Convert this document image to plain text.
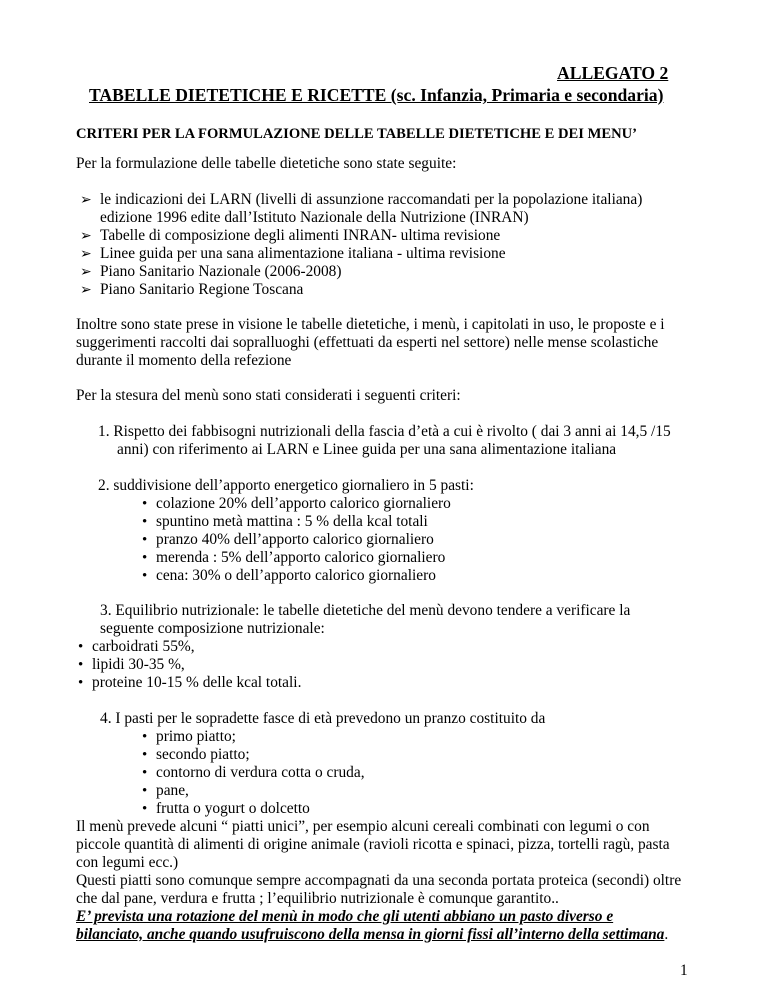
ALLEGATO 2
TABELLE DIETETICHE E RICETTE (sc. Infanzia, Primaria e secondaria)
CRITERI PER LA FORMULAZIONE DELLE TABELLE DIETETICHE E DEI MENU’
Per la formulazione delle tabelle dietetiche sono state seguite:
➢ le indicazioni dei LARN (livelli di assunzione raccomandati per la popolazione italiana)
edizione 1996 edite dall’Istituto Nazionale della Nutrizione (INRAN)
➢ Tabelle di composizione degli alimenti INRAN- ultima revisione
➢ Linee guida per una sana alimentazione italiana - ultima revisione
➢ Piano Sanitario Nazionale (2006-2008)
➢ Piano Sanitario Regione Toscana
Inoltre sono state prese in visione le tabelle dietetiche, i menù, i capitolati in uso, le proposte e i
suggerimenti raccolti dai sopralluoghi (effettuati da esperti nel settore) nelle mense scolastiche
durante il momento della refezione
Per la stesura del menù sono stati considerati i seguenti criteri:
1. Rispetto dei fabbisogni nutrizionali della fascia d’età a cui è rivolto ( dai 3 anni ai 14,5 /15
anni) con riferimento ai LARN e Linee guida per una sana alimentazione italiana
2. suddivisione dell’apporto energetico giornaliero in 5 pasti:
• colazione 20% dell’apporto calorico giornaliero
• spuntino metà mattina : 5 % della kcal totali
• pranzo 40% dell’apporto calorico giornaliero
• merenda : 5% dell’apporto calorico giornaliero
• cena: 30% o dell’apporto calorico giornaliero
3. Equilibrio nutrizionale: le tabelle dietetiche del menù devono tendere a verificare la
seguente composizione nutrizionale:
• carboidrati 55%,
• lipidi 30-35 %,
• proteine 10-15 % delle kcal totali.
4. I pasti per le sopradette fasce di età prevedono un pranzo costituito da
• primo piatto;
• secondo piatto;
• contorno di verdura cotta o cruda,
• pane,
• frutta o yogurt o dolcetto
Il menù prevede alcuni “ piatti unici”, per esempio alcuni cereali combinati con legumi o con
piccole quantità di alimenti di origine animale (ravioli ricotta e spinaci, pizza, tortelli ragù, pasta
con legumi ecc.)
Questi piatti sono comunque sempre accompagnati da una seconda portata proteica (secondi) oltre
che dal pane, verdura e frutta ; l’equilibrio nutrizionale è comunque garantito..
E’ prevista una rotazione del menù in modo che gli utenti abbiano un pasto diverso e
bilanciato, anche quando usufruiscono della mensa in giorni fissi all’interno della settimana.
1
